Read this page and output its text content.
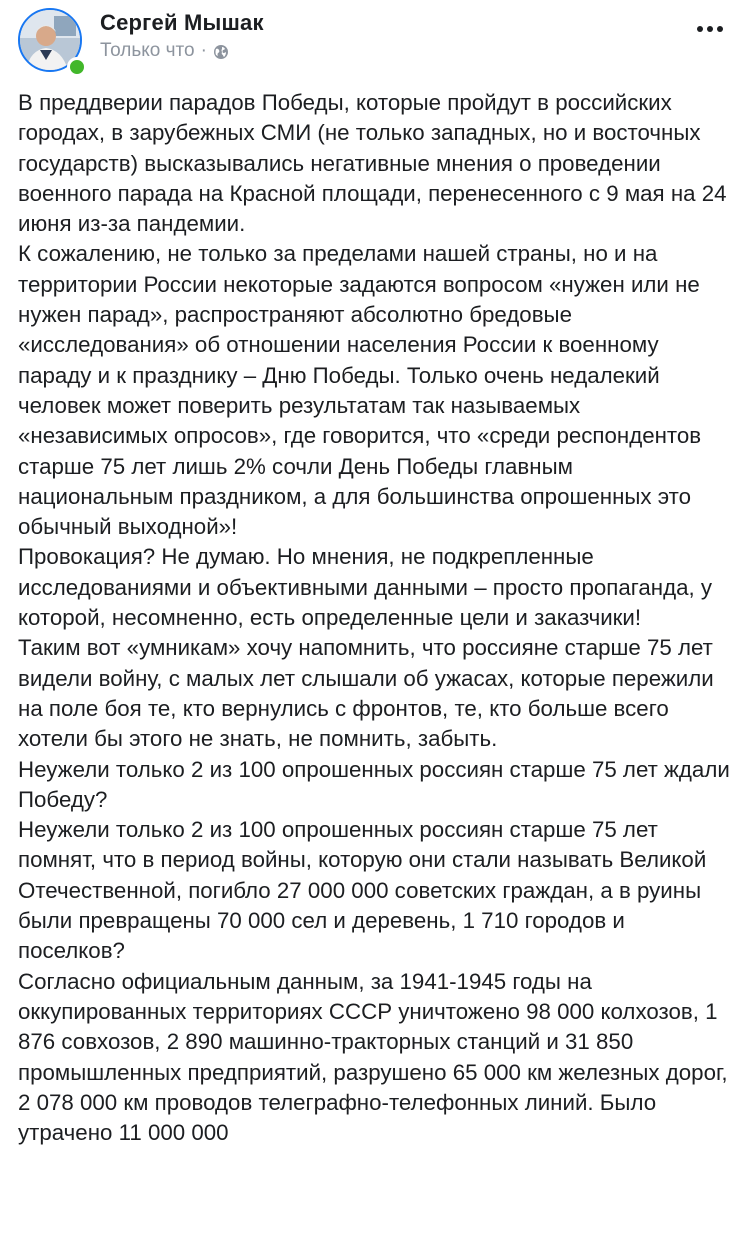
Сергей Мышак
Только что ·

В преддверии парадов Победы, которые пройдут в российских городах, в зарубежных СМИ (не только западных, но и восточных государств) высказывались негативные мнения о проведении военного парада на Красной площади, перенесенного с 9 мая на 24 июня из-за пандемии.

К сожалению, не только за пределами нашей страны, но и на территории России некоторые задаются вопросом «нужен или не нужен парад», распространяют абсолютно бредовые «исследования» об отношении населения России к военному параду и к празднику – Дню Победы. Только очень недалекий человек может поверить результатам так называемых «независимых опросов», где говорится, что «среди респондентов старше 75 лет лишь 2% сочли День Победы главным национальным праздником, а для большинства опрошенных это обычный выходной»!

Провокация? Не думаю. Но мнения, не подкрепленные исследованиями и объективными данными – просто пропаганда, у которой, несомненно, есть определенные цели и заказчики!

Таким вот «умникам» хочу напомнить, что россияне старше 75 лет видели войну, с малых лет слышали об ужасах, которые пережили на поле боя те, кто вернулись с фронтов, те, кто больше всего хотели бы этого не знать, не помнить, забыть.

Неужели только 2 из 100 опрошенных россиян старше 75 лет ждали Победу?

Неужели только 2 из 100 опрошенных россиян старше 75 лет помнят, что в период войны, которую они стали называть Великой Отечественной, погибло 27 000 000 советских граждан, а в руины были превращены 70 000 сел и деревень, 1 710 городов и поселков?

Согласно официальным данным, за 1941-1945 годы на оккупированных территориях СССР уничтожено 98 000 колхозов, 1 876 совхозов, 2 890 машинно-тракторных станций и 31 850 промышленных предприятий, разрушено 65 000 км железных дорог, 2 078 000 км проводов телеграфно-телефонных линий. Было утрачено 11 000 000
